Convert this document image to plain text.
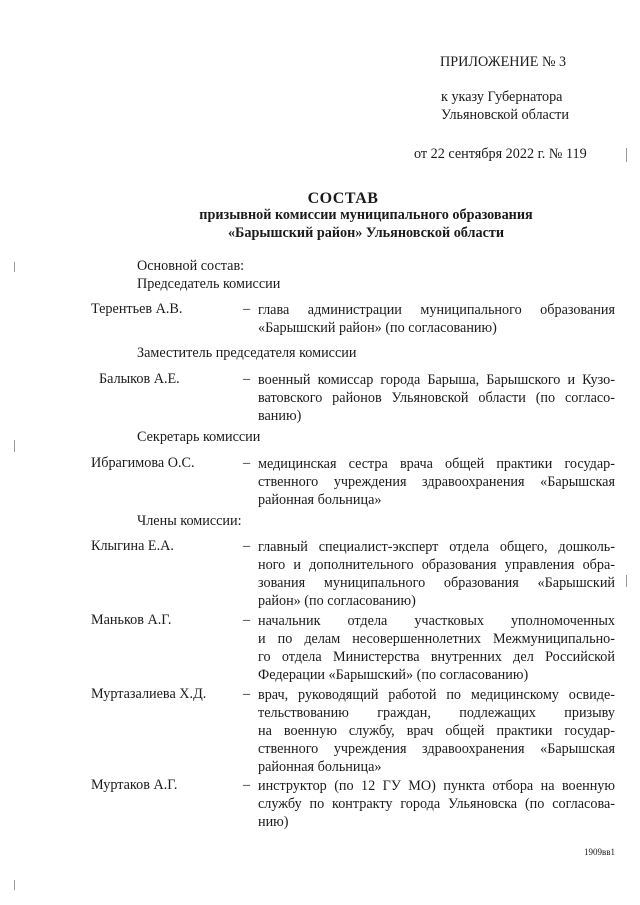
ПРИЛОЖЕНИЕ № 3
к указу Губернатора
Ульяновской области
от 22 сентября 2022 г. № 119
СОСТАВ
призывной комиссии муниципального образования
«Барышский район» Ульяновской области
Основной состав:
Председатель комиссии
Терентьев А.В.	– глава администрации муниципального образования
«Барышский район» (по согласованию)
Заместитель председателя комиссии
Балыков А.Е.	– военный комиссар города Барыша, Барышского и Кузо-
ватовского районов Ульяновской области (по согласо-
ванию)
Секретарь комиссии
Ибрагимова О.С.	– медицинская сестра врача общей практики государ-
ственного учреждения здравоохранения «Барышская
районная больница»
Члены комиссии:
Клыгина Е.А.	– главный специалист-эксперт отдела общего, дошколь-
ного и дополнительного образования управления обра-
зования муниципального образования «Барышский
район» (по согласованию)
Маньков А.Г.	– начальник отдела участковых уполномоченных
и по делам несовершеннолетних Межмуниципально-
го отдела Министерства внутренних дел Российской
Федерации «Барышский» (по согласованию)
Муртазалиева Х.Д.	– врач, руководящий работой по медицинскому освиде-
тельствованию граждан, подлежащих призыву
на военную службу, врач общей практики государ-
ственного учреждения здравоохранения «Барышская
районная больница»
Муртаков А.Г.	– инструктор (по 12 ГУ МО) пункта отбора на военную
службу по контракту города Ульяновска (по согласова-
нию)
1909вв1
